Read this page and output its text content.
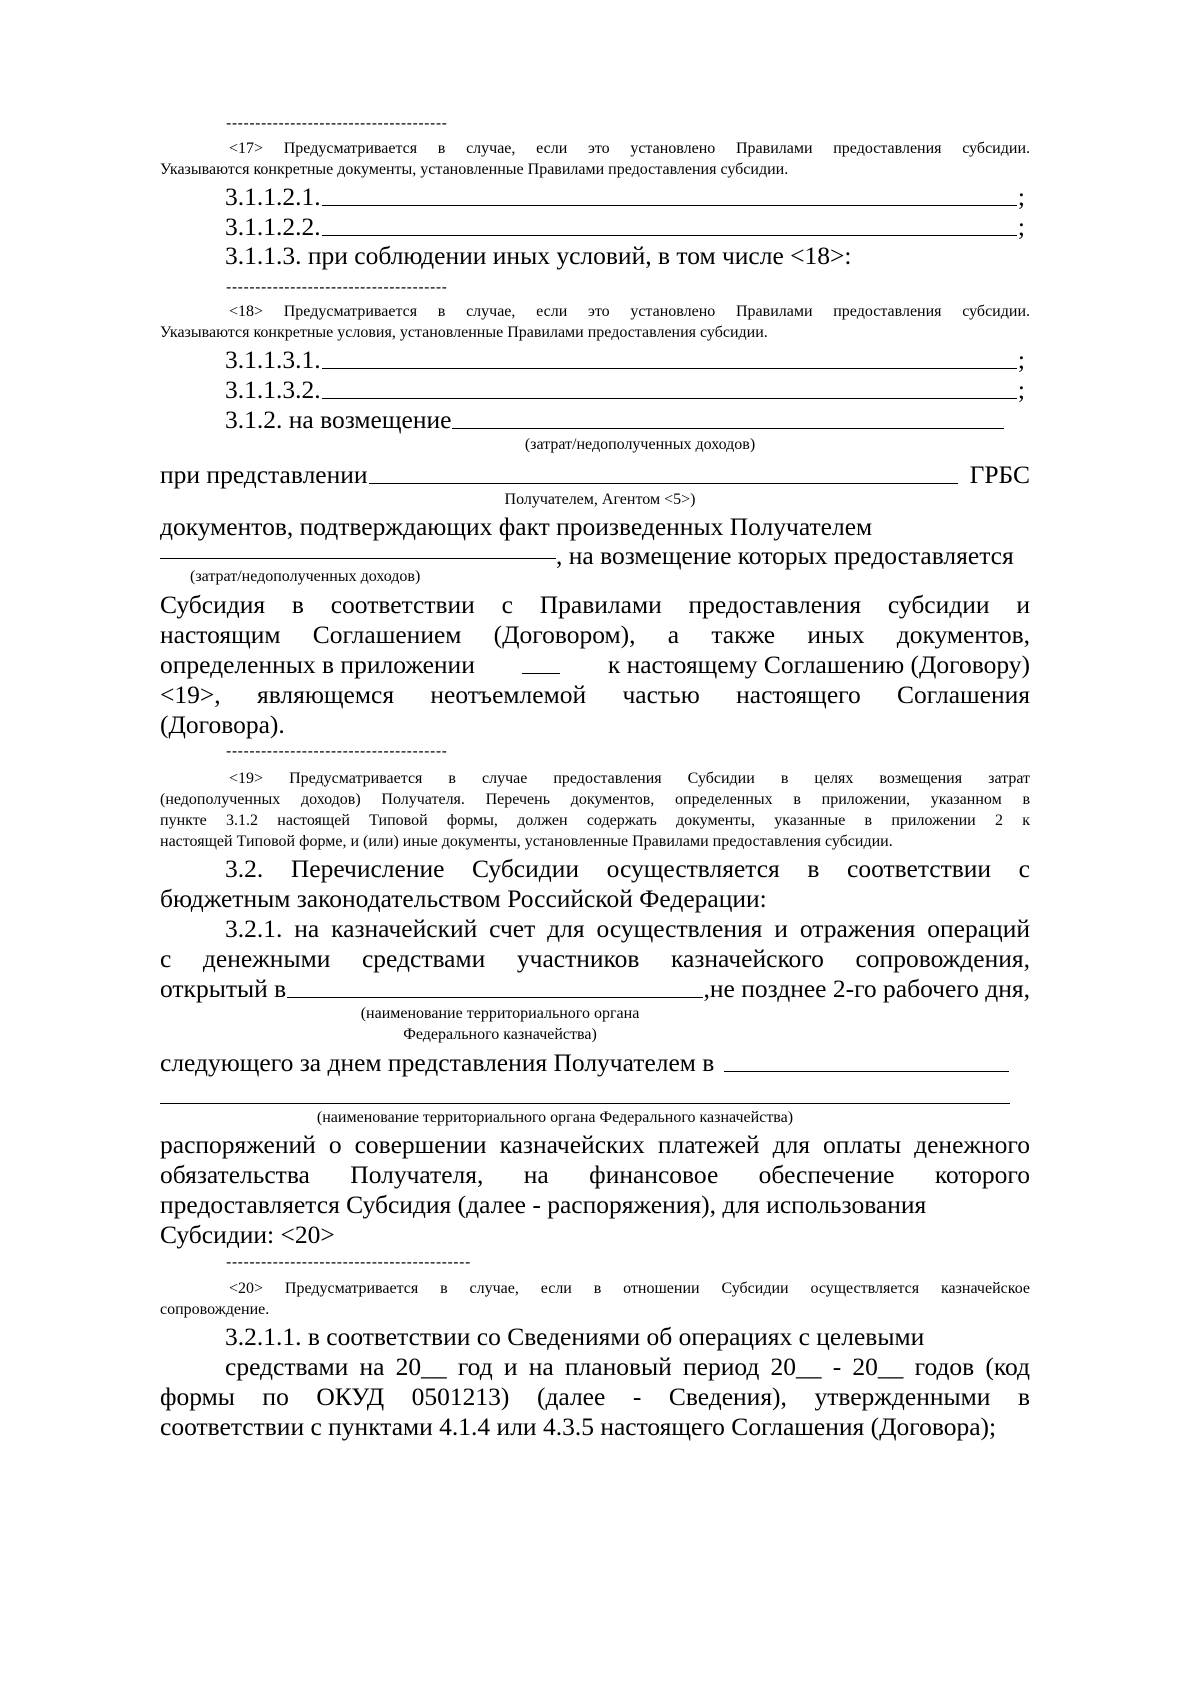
--------------------------------------
<17> Предусматривается в случае, если это установлено Правилами предоставления субсидии.
Указываются конкретные документы, установленные Правилами предоставления субсидии.
3.1.1.2.1.	;
3.1.1.2.2.	;
3.1.1.3. при соблюдении иных условий, в том числе <18>:
--------------------------------------
<18> Предусматривается в случае, если это установлено Правилами предоставления субсидии.
Указываются конкретные условия, установленные Правилами предоставления субсидии.
3.1.1.3.1.	;
3.1.1.3.2.	;
3.1.2. на возмещение
(затрат/недополученных доходов)
при представлении	ГРБС
Получателем, Агентом <5>)
документов, подтверждающих факт произведенных Получателем
, на возмещение которых предоставляется
(затрат/недополученных доходов)
Субсидия в соответствии с Правилами предоставления субсидии и
настоящим Соглашением (Договором), а также иных документов,
определенных в приложении	к настоящему Соглашению (Договору)
<19>, являющемся неотъемлемой частью настоящего Соглашения
(Договора).
--------------------------------------
<19> Предусматривается в случае предоставления Субсидии в целях возмещения затрат
(недополученных доходов) Получателя. Перечень документов, определенных в приложении, указанном в
пункте 3.1.2 настоящей Типовой формы, должен содержать документы, указанные в приложении 2 к
настоящей Типовой форме, и (или) иные документы, установленные Правилами предоставления субсидии.
3.2. Перечисление Субсидии осуществляется в соответствии с
бюджетным законодательством Российской Федерации:
3.2.1. на казначейский счет для осуществления и отражения операций
с денежными средствами участников казначейского сопровождения,
открытый в	,не позднее 2-го рабочего дня,
(наименование территориального органа
Федерального казначейства)
следующего за днем представления Получателем в
(наименование территориального органа Федерального казначейства)
распоряжений о совершении казначейских платежей для оплаты денежного
обязательства Получателя, на финансовое обеспечение которого
предоставляется Субсидия (далее - распоряжения), для использования
Субсидии: <20>
------------------------------------------
<20> Предусматривается в случае, если в отношении Субсидии осуществляется казначейское
сопровождение.
3.2.1.1. в соответствии со Сведениями об операциях с целевыми
средствами на 20__ год и на плановый период 20__ - 20__ годов (код
формы по ОКУД 0501213) (далее - Сведения), утвержденными в
соответствии с пунктами 4.1.4 или 4.3.5 настоящего Соглашения (Договора);
